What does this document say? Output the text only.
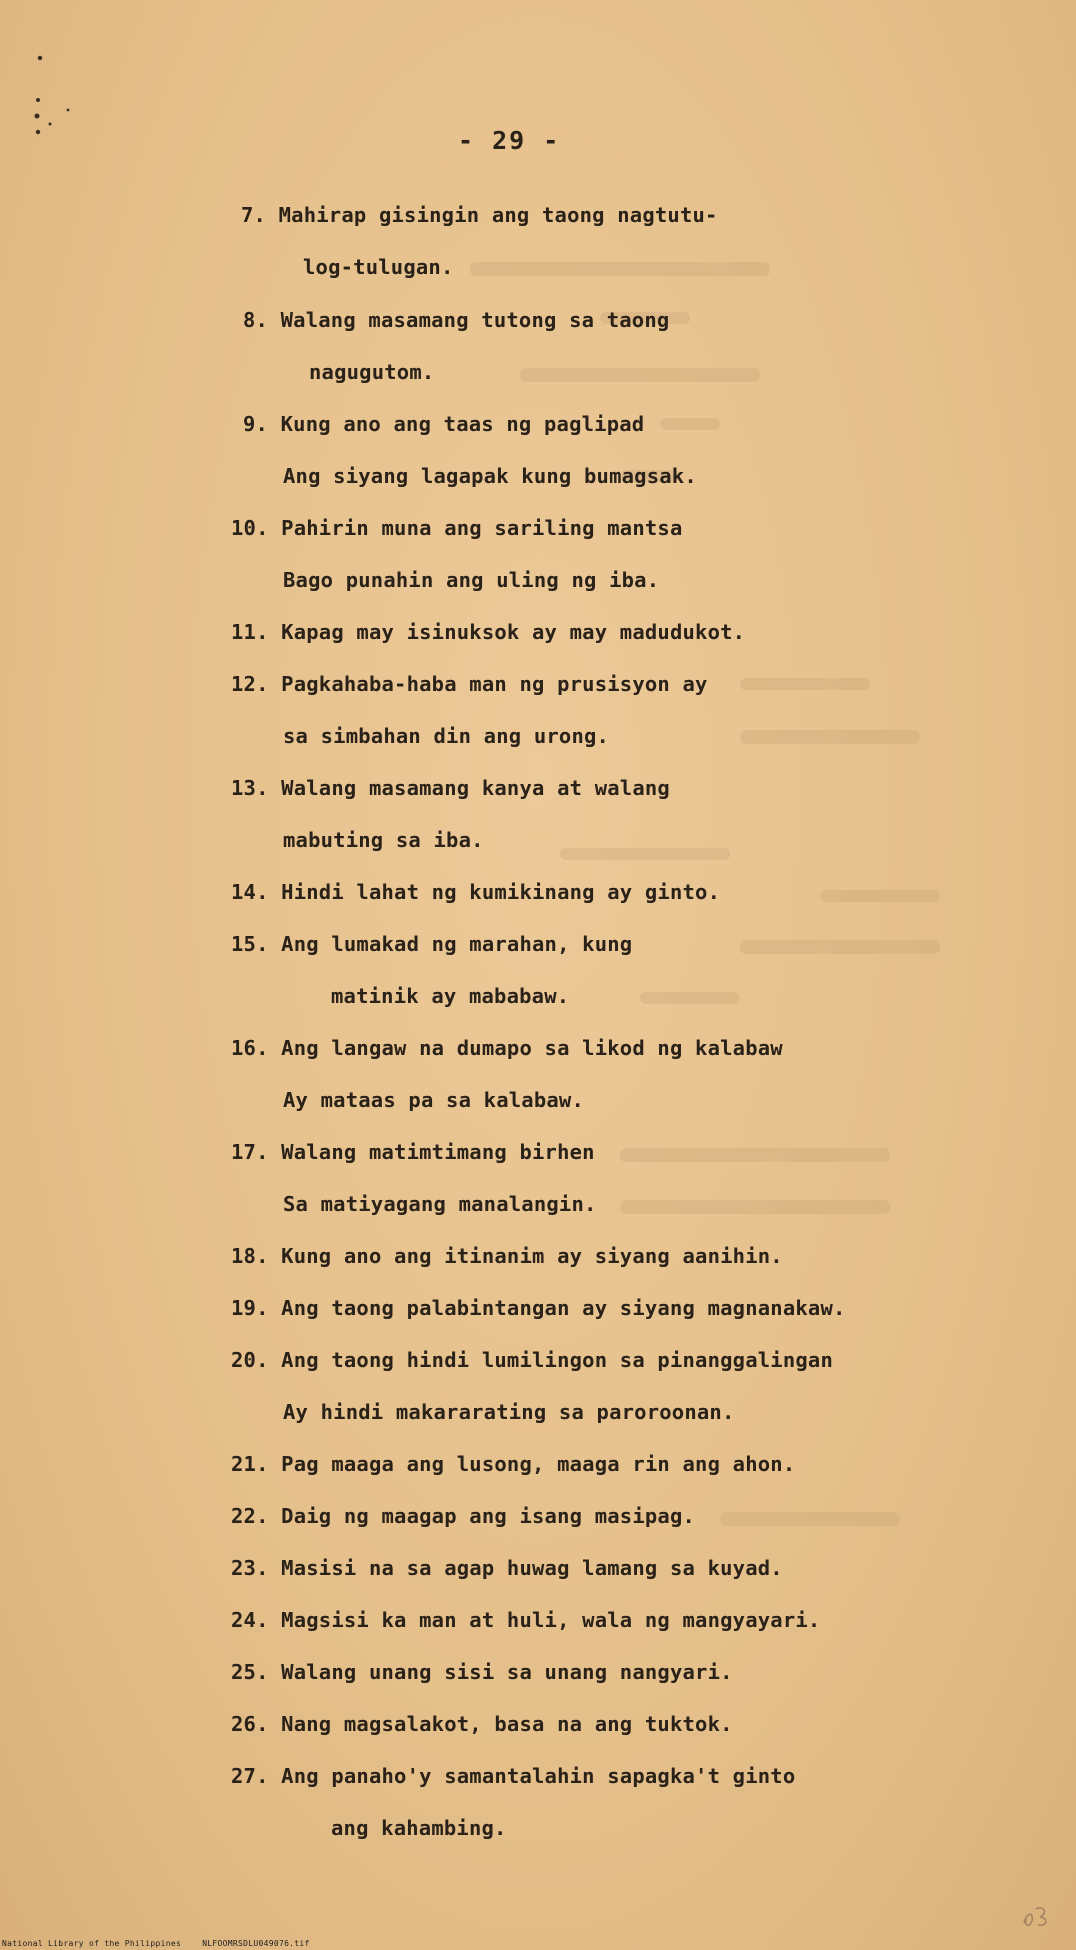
- 29 -
7. Mahirap gisingin ang taong nagtutu-
log-tulugan.
8. Walang masamang tutong sa taong
nagugutom.
9. Kung ano ang taas ng paglipad
Ang siyang lagapak kung bumagsak.
10. Pahirin muna ang sariling mantsa
Bago punahin ang uling ng iba.
11. Kapag may isinuksok ay may madudukot.
12. Pagkahaba-haba man ng prusisyon ay
sa simbahan din ang urong.
13. Walang masamang kanya at walang
mabuting sa iba.
14. Hindi lahat ng kumikinang ay ginto.
15. Ang lumakad ng marahan, kung
matinik ay mababaw.
16. Ang langaw na dumapo sa likod ng kalabaw
Ay mataas pa sa kalabaw.
17. Walang matimtimang birhen
Sa matiyagang manalangin.
18. Kung ano ang itinanim ay siyang aanihin.
19. Ang taong palabintangan ay siyang magnanakaw.
20. Ang taong hindi lumilingon sa pinanggalingan
Ay hindi makararating sa paroroonan.
21. Pag maaga ang lusong, maaga rin ang ahon.
22. Daig ng maagap ang isang masipag.
23. Masisi na sa agap huwag lamang sa kuyad.
24. Magsisi ka man at huli, wala ng mangyayari.
25. Walang unang sisi sa unang nangyari.
26. Nang magsalakot, basa na ang tuktok.
27. Ang panaho'y samantalahin sapagka't ginto
ang kahambing.
National Library of the Philippines	NLFOOMRSDLU049076.tif
